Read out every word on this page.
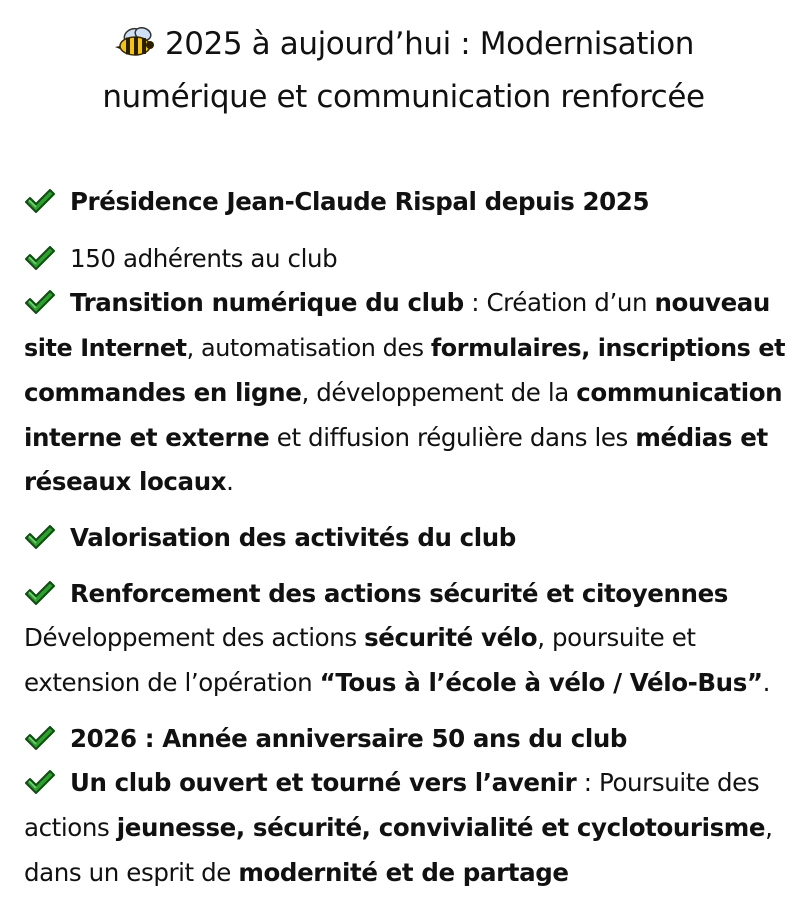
2025 à aujourd’hui : Modernisation
numérique et communication renforcée
Présidence Jean-Claude Rispal depuis 2025
150 adhérents au club
Transition numérique du club : Création d’un nouveau
site Internet, automatisation des formulaires, inscriptions et
commandes en ligne, développement de la communication
interne et externe et diffusion régulière dans les médias et
réseaux locaux.
Valorisation des activités du club
Renforcement des actions sécurité et citoyennes
Développement des actions sécurité vélo, poursuite et
extension de l’opération “Tous à l’école à vélo / Vélo-Bus”.
2026 : Année anniversaire 50 ans du club
Un club ouvert et tourné vers l’avenir : Poursuite des
actions jeunesse, sécurité, convivialité et cyclotourisme,
dans un esprit de modernité et de partage
